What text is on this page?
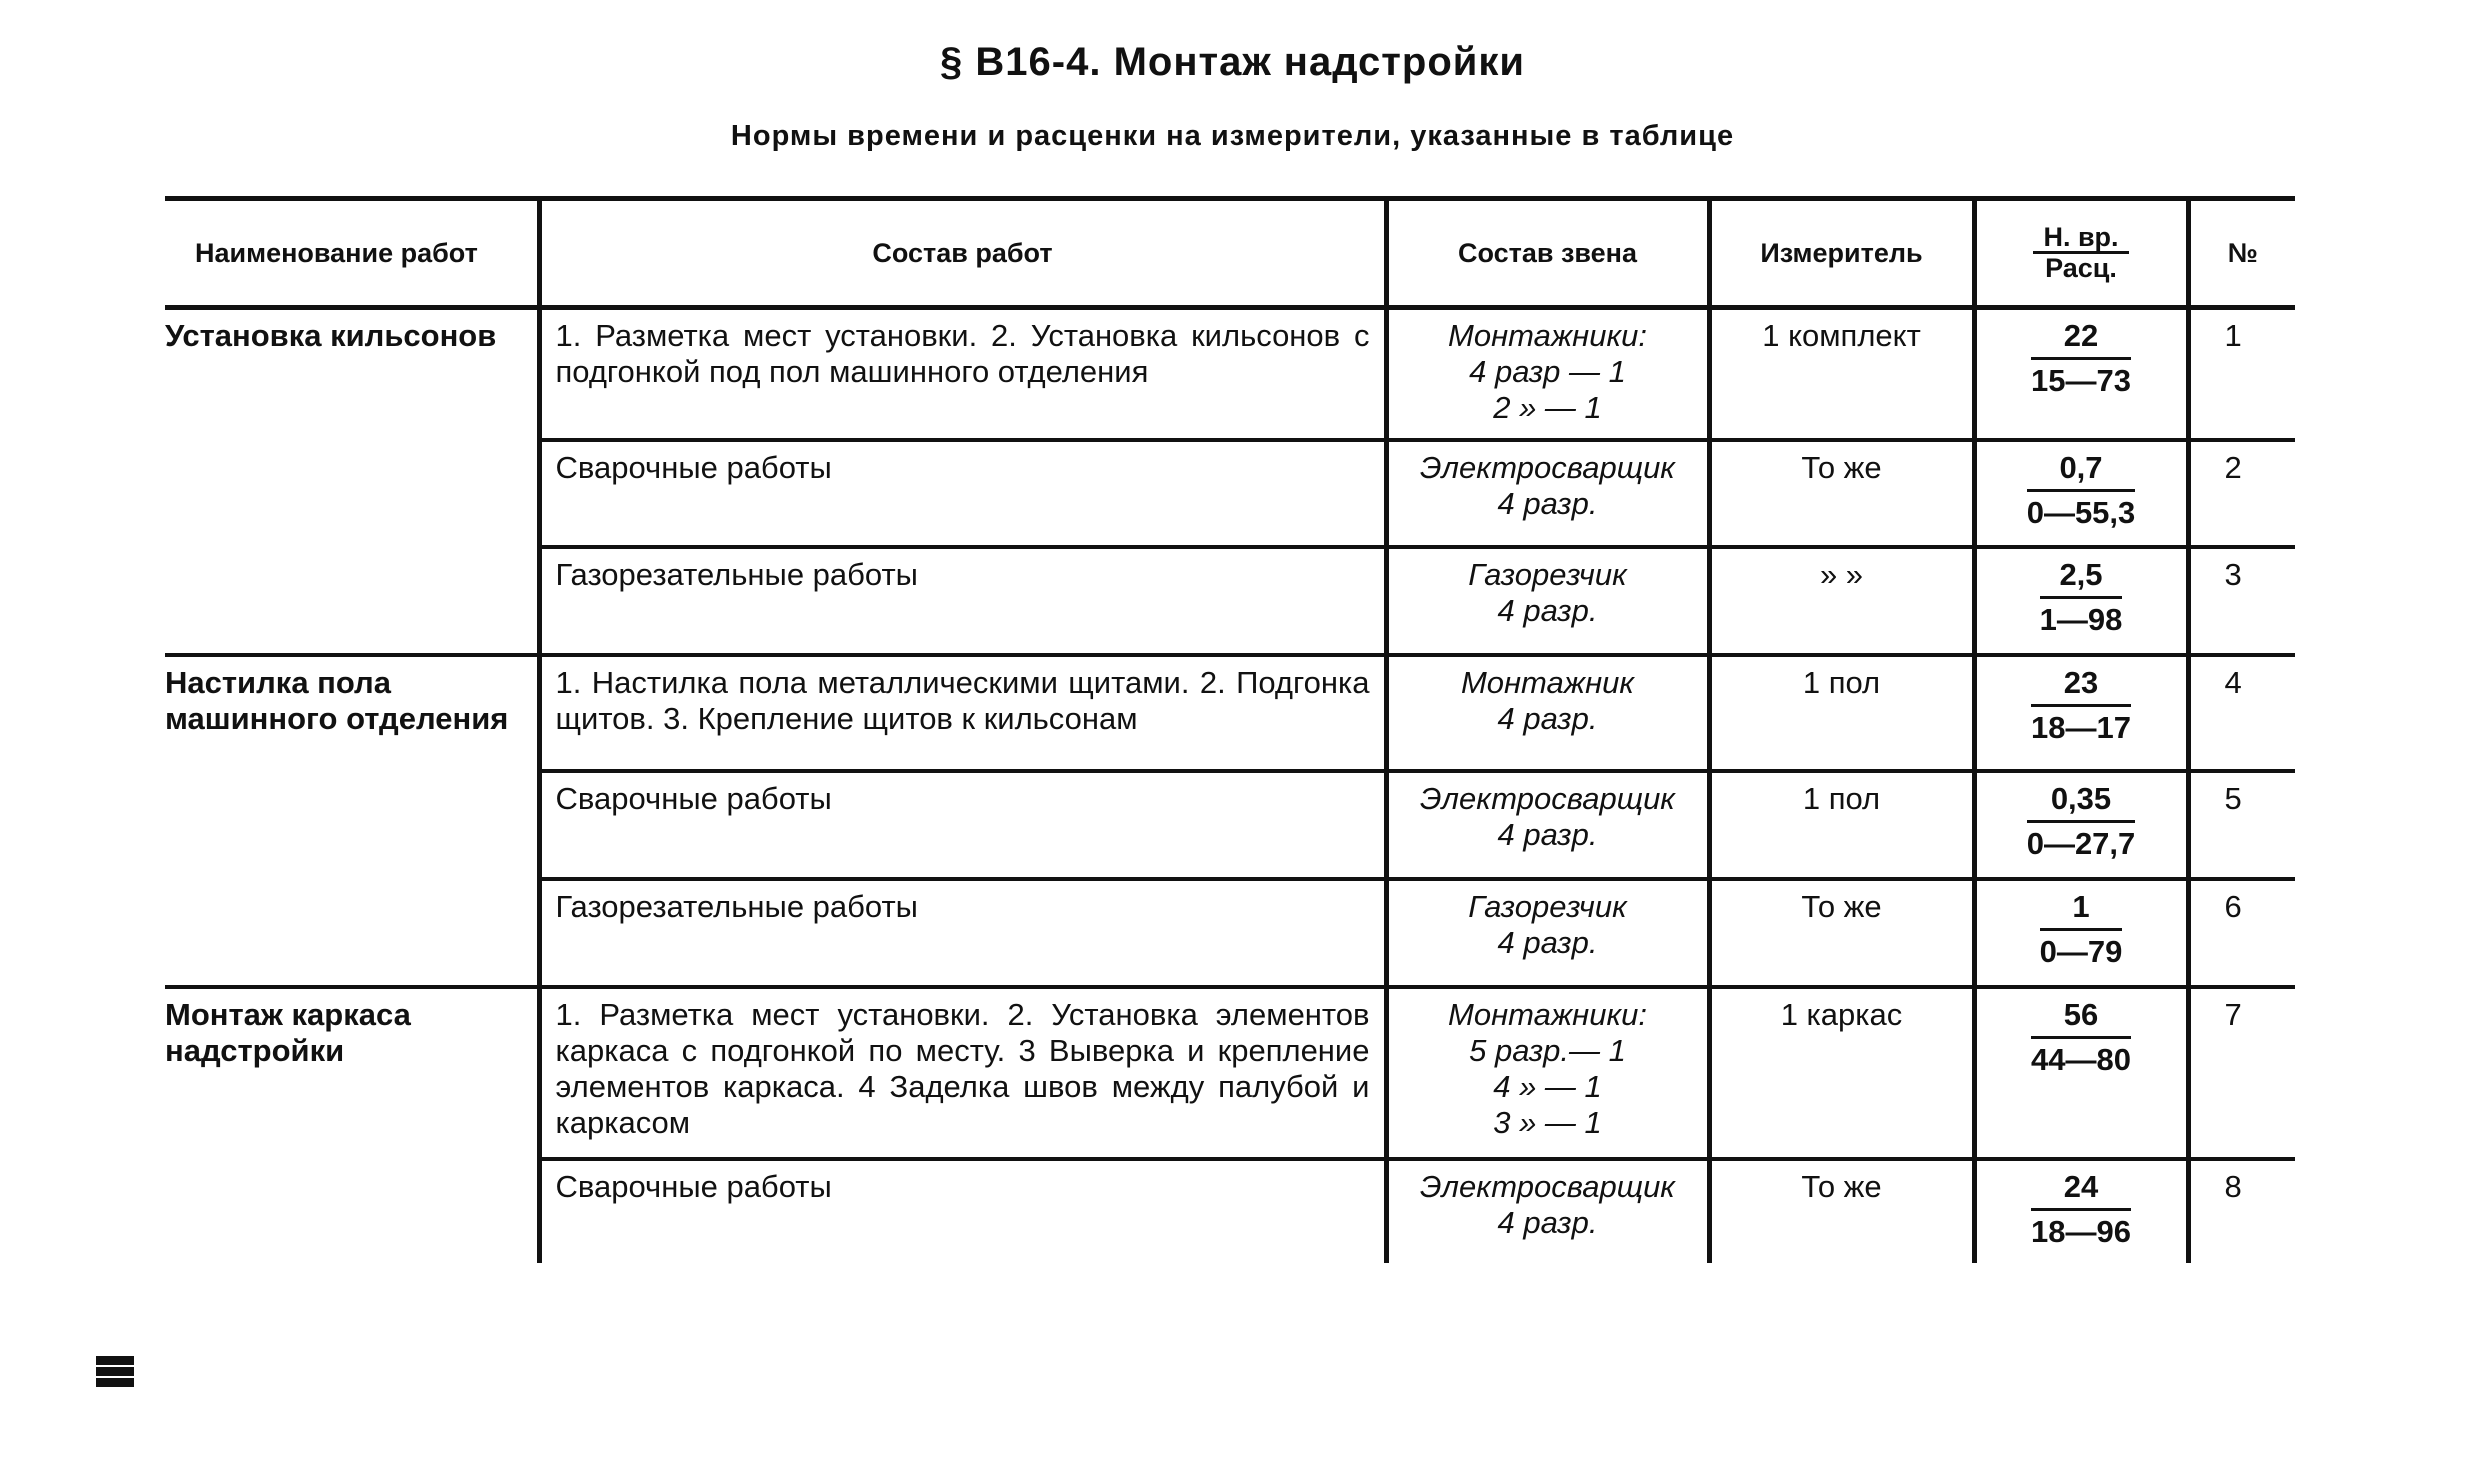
§ В16-4. Монтаж надстройки
Нормы времени и расценки на измерители, указанные в таблице
Наименование работ	Состав работ	Состав звена	Измеритель	$\frac{Н. вр.}{\text{Расц.}}$	№
Установка кильсонов	1. Разметка мест установки. 2. Установка кильсонов с подгонкой под пол машинного отделения	Монтажники:
4 разр — 1
2 » — 1	1 комплект	$\frac{22}{15—73}$	1
	Сварочные работы	Электросварщик
4 разр.	То же	$\frac{0,7}{0—55,3}$	2
	Газорезательные работы	Газорезчик
4 разр.	» »	$\frac{2,5}{1—98}$	3
Настилка пола машинного отделения	1. Настилка пола металлическими щитами. 2. Подгонка щитов. 3. Крепление щитов к кильсонам	Монтажник
4 разр.	1 пол	$\frac{23}{18—17}$	4
	Сварочные работы	Электросварщик
4 разр.	1 пол	$\frac{0,35}{0—27,7}$	5
	Газорезательные работы	Газорезчик
4 разр.	То же	$\frac{1}{0—79}$	6
Монтаж каркаса надстройки	1. Разметка мест установки. 2. Установка элементов каркаса с подгонкой по месту. 3 Выверка и крепление элементов каркаса. 4 Заделка швов между палубой и каркасом	Монтажники:
5 разр.— 1
4 » — 1
3 » — 1	1 каркас	$\frac{56}{44—80}$	7
	Сварочные работы	Электросварщик
4 разр.	То же	$\frac{24}{18—96}$	8
